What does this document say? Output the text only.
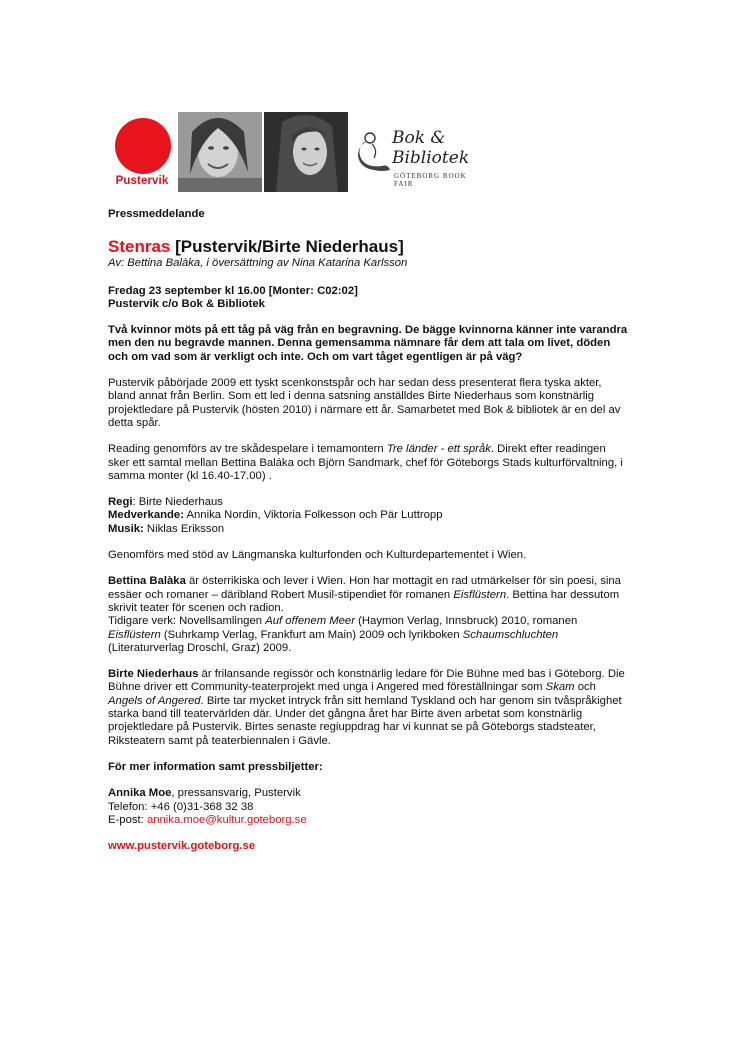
Pustervik
Bok &
Bibliotek
GÖTEBORG BOOK FAIR

Pressmeddelande

Stenras [Pustervik/Birte Niederhaus]

Av: Bettina Balàka, i översättning av Nina Katarina Karlsson

Fredag 23 september kl 16.00 [Monter: C02:02]

Pustervik c/o Bok & Bibliotek

Två kvinnor möts på ett tåg på väg från en begravning. De bägge kvinnorna känner inte varandra men den nu begravde mannen. Denna gemensamma nämnare får dem att tala om livet, döden och om vad som är verkligt och inte. Och om vart tåget egentligen är på väg?

Pustervik påbörjade 2009 ett tyskt scenkonstspår och har sedan dess presenterat flera tyska akter, bland annat från Berlin. Som ett led i denna satsning anställdes Birte Niederhaus som konstnärlig projektledare på Pustervik (hösten 2010) i närmare ett år. Samarbetet med Bok & bibliotek är en del av detta spår.

Reading genomförs av tre skådespelare i temamontern Tre länder - ett språk. Direkt efter readingen sker ett samtal mellan Bettina Baláka och Björn Sandmark, chef för Göteborgs Stads kulturförvaltning, i samma monter (kl 16.40-17.00) .

Regi: Birte Niederhaus

Medverkande: Annika Nordin, Viktoria Folkesson och Pär Luttropp

Musik: Niklas Eriksson

Genomförs med stöd av Längmanska kulturfonden och Kulturdepartementet i Wien.

Bettina Balàka är österrikiska och lever i Wien. Hon har mottagit en rad utmärkelser för sin poesi, sina essäer och romaner – däribland Robert Musil-stipendiet för romanen Eisflüstern. Bettina har dessutom skrivit teater för scenen och radion.

Tidigare verk: Novellsamlingen Auf offenem Meer (Haymon Verlag, Innsbruck) 2010, romanen Eisflüstern (Suhrkamp Verlag, Frankfurt am Main) 2009 och lyrikboken Schaumschluchten (Literaturverlag Droschl, Graz) 2009.

Birte Niederhaus är frilansande regissör och konstnärlig ledare för Die Bühne med bas i Göteborg. Die Bühne driver ett Community-teaterprojekt med unga i Angered med föreställningar som Skam och Angels of Angered. Birte tar mycket intryck från sitt hemland Tyskland och har genom sin tvåspråkighet starka band till teatervärlden där. Under det gångna året har Birte även arbetat som konstnärlig projektledare på Pustervik. Birtes senaste regiuppdrag har vi kunnat se på Göteborgs stadsteater, Riksteatern samt på teaterbiennalen i Gävle.

För mer information samt pressbiljetter:

Annika Moe, pressansvarig, Pustervik

Telefon: +46 (0)31-368 32 38

E-post: annika.moe@kultur.goteborg.se

www.pustervik.goteborg.se
